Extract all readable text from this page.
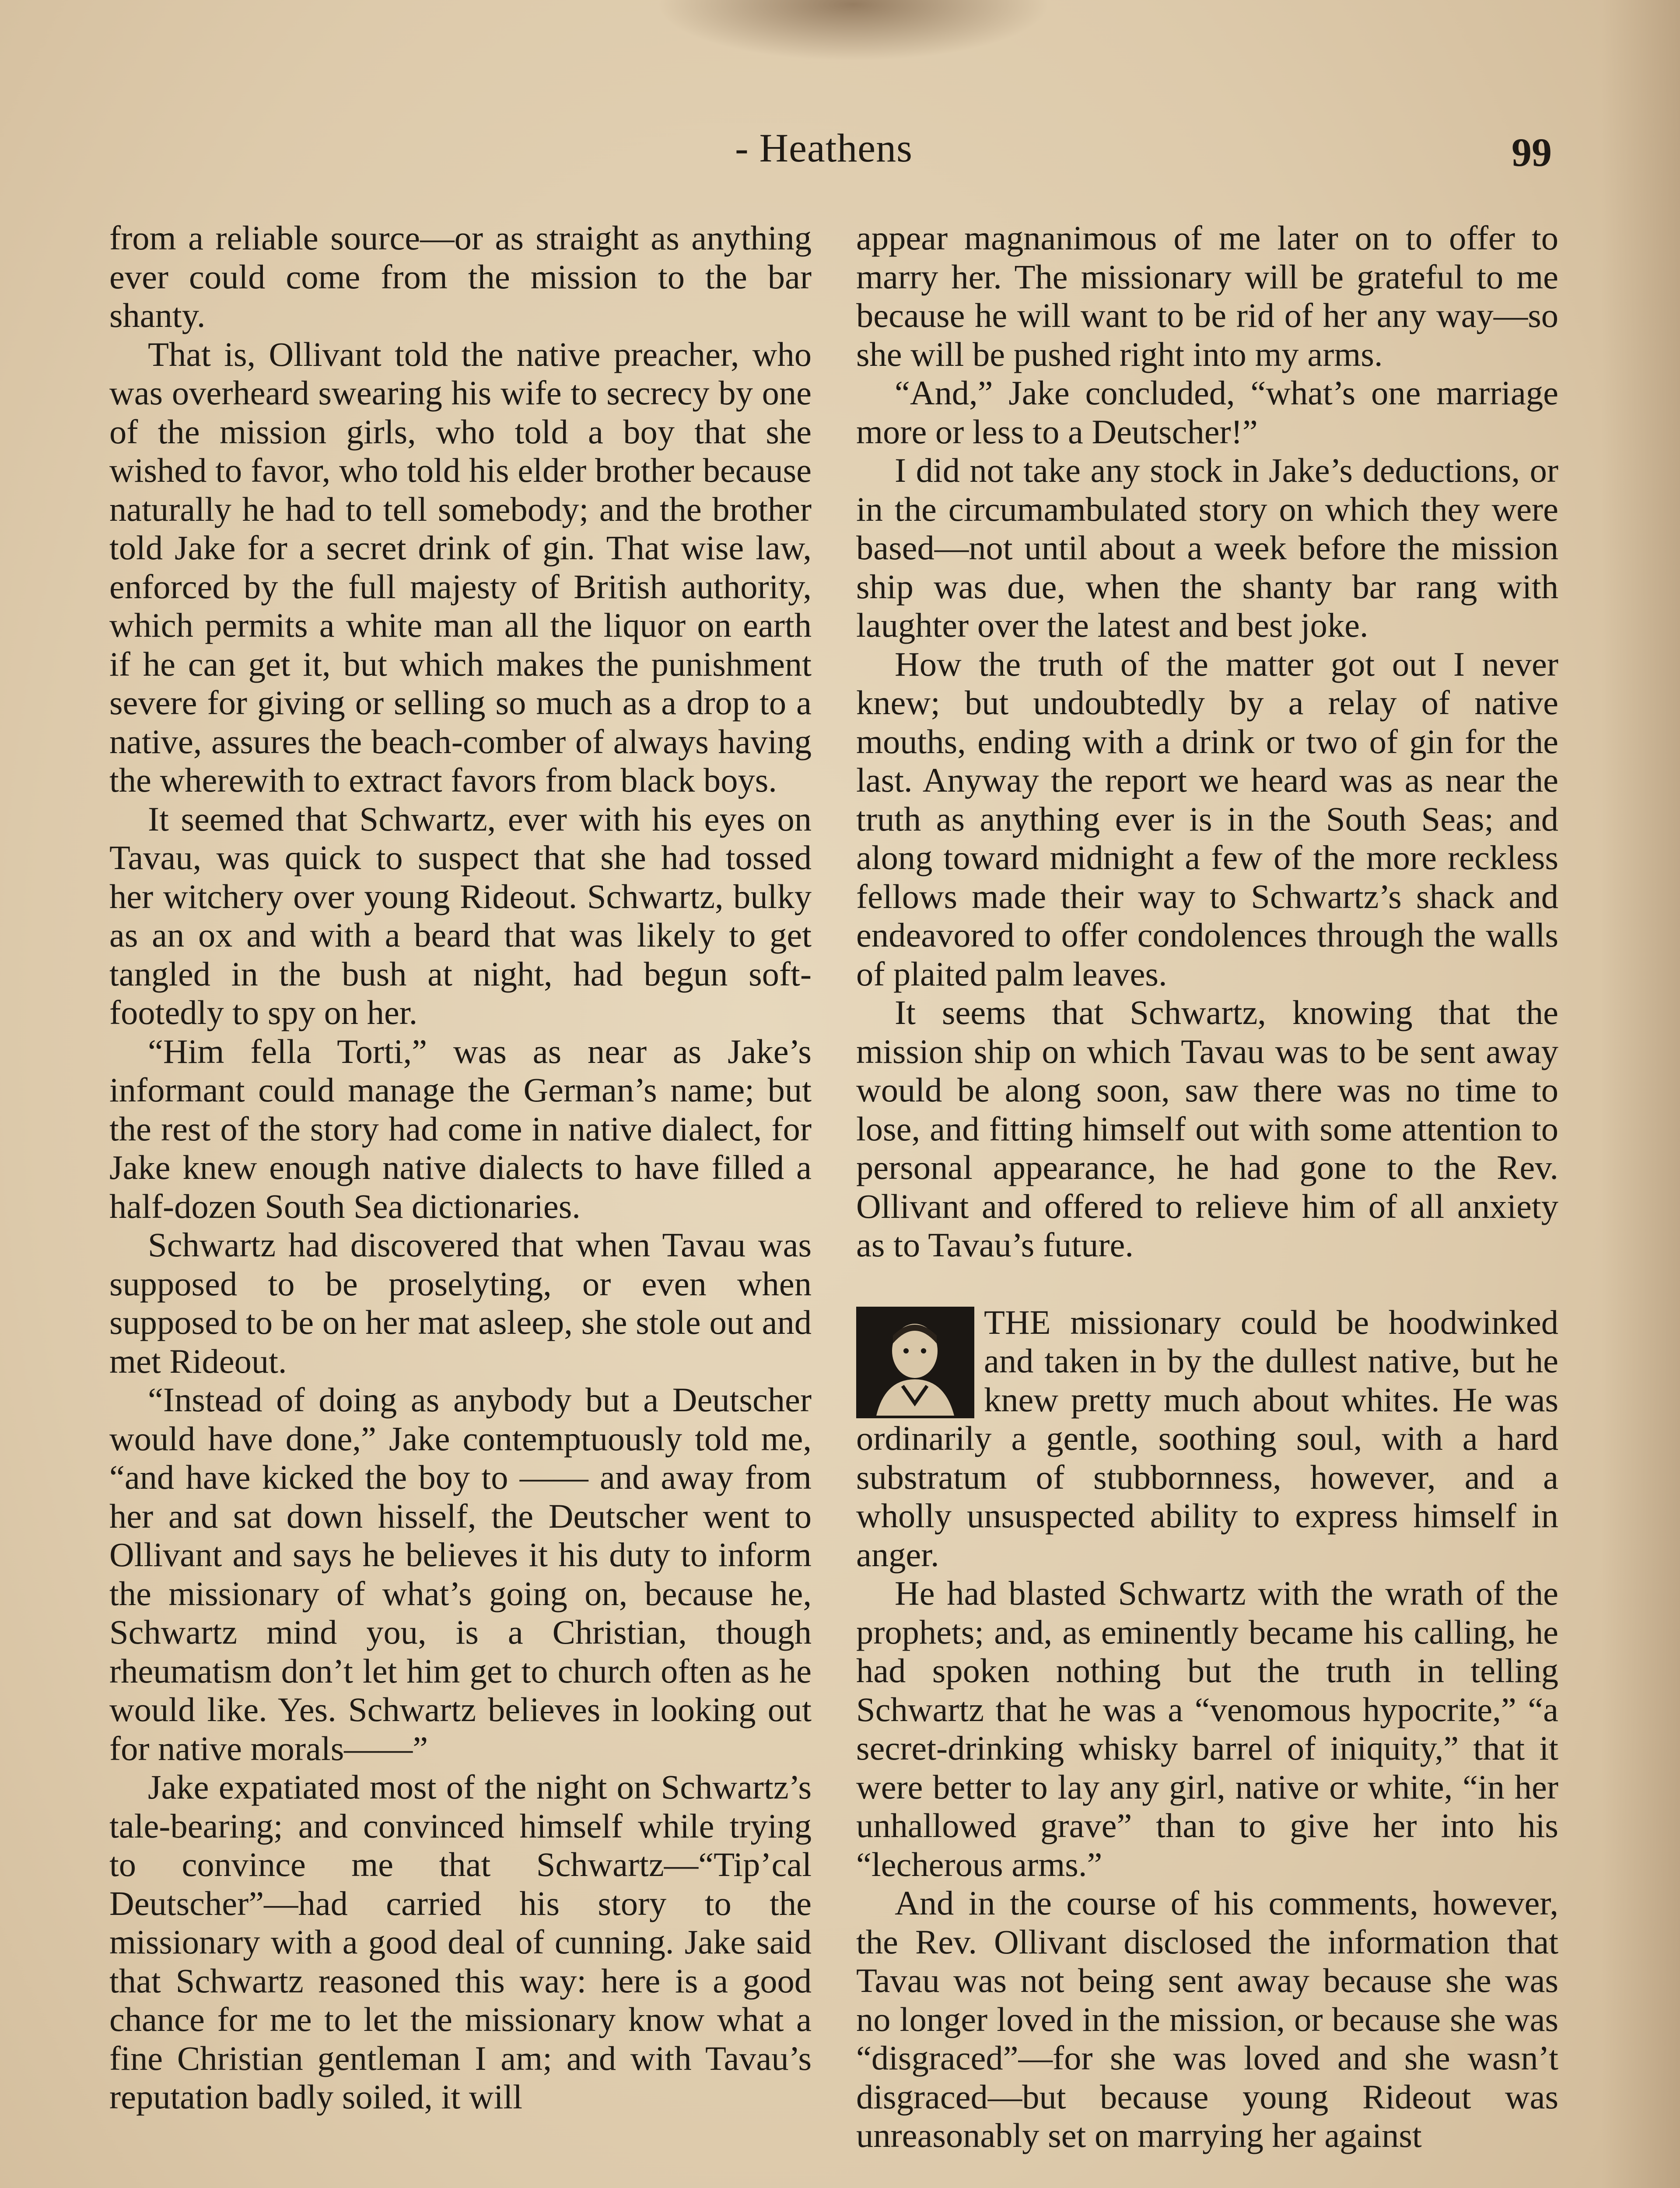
- Heathens	99

from a reliable source—or as straight as anything ever could come from the mission to the bar shanty.

That is, Ollivant told the native preacher, who was overheard swearing his wife to secrecy by one of the mission girls, who told a boy that she wished to favor, who told his elder brother because naturally he had to tell somebody; and the brother told Jake for a secret drink of gin. That wise law, enforced by the full majesty of British authority, which permits a white man all the liquor on earth if he can get it, but which makes the punishment severe for giving or selling so much as a drop to a native, assures the beach-comber of always having the wherewith to extract favors from black boys.

It seemed that Schwartz, ever with his eyes on Tavau, was quick to suspect that she had tossed her witchery over young Rideout. Schwartz, bulky as an ox and with a beard that was likely to get tangled in the bush at night, had begun soft-footedly to spy on her.

“Him fella Torti,” was as near as Jake’s informant could manage the German’s name; but the rest of the story had come in native dialect, for Jake knew enough native dialects to have filled a half-dozen South Sea dictionaries.

Schwartz had discovered that when Tavau was supposed to be proselyting, or even when supposed to be on her mat asleep, she stole out and met Rideout.

“Instead of doing as anybody but a Deutscher would have done,” Jake contemptuously told me, “and have kicked the boy to —— and away from her and sat down hisself, the Deutscher went to Ollivant and says he believes it his duty to inform the missionary of what’s going on, because he, Schwartz mind you, is a Christian, though rheumatism don’t let him get to church often as he would like. Yes. Schwartz believes in looking out for native morals——”

Jake expatiated most of the night on Schwartz’s tale-bearing; and convinced himself while trying to convince me that Schwartz—“Tip’cal Deutscher”—had carried his story to the missionary with a good deal of cunning. Jake said that Schwartz reasoned this way: here is a good chance for me to let the missionary know what a fine Christian gentleman I am; and with Tavau’s reputation badly soiled, it will

appear magnanimous of me later on to offer to marry her. The missionary will be grateful to me because he will want to be rid of her any way—so she will be pushed right into my arms.

“And,” Jake concluded, “what’s one marriage more or less to a Deutscher!”

I did not take any stock in Jake’s deductions, or in the circumambulated story on which they were based—not until about a week before the mission ship was due, when the shanty bar rang with laughter over the latest and best joke.

How the truth of the matter got out I never knew; but undoubtedly by a relay of native mouths, ending with a drink or two of gin for the last. Anyway the report we heard was as near the truth as anything ever is in the South Seas; and along toward midnight a few of the more reckless fellows made their way to Schwartz’s shack and endeavored to offer condolences through the walls of plaited palm leaves.

It seems that Schwartz, knowing that the mission ship on which Tavau was to be sent away would be along soon, saw there was no time to lose, and fitting himself out with some attention to personal appearance, he had gone to the Rev. Ollivant and offered to relieve him of all anxiety as to Tavau’s future.

THE missionary could be hoodwinked and taken in by the dullest native, but he knew pretty much about whites. He was ordinarily a gentle, soothing soul, with a hard substratum of stubbornness, however, and a wholly unsuspected ability to express himself in anger.

He had blasted Schwartz with the wrath of the prophets; and, as eminently became his calling, he had spoken nothing but the truth in telling Schwartz that he was a “venomous hypocrite,” “a secret-drinking whisky barrel of iniquity,” that it were better to lay any girl, native or white, “in her unhallowed grave” than to give her into his “lecherous arms.”

And in the course of his comments, however, the Rev. Ollivant disclosed the information that Tavau was not being sent away because she was no longer loved in the mission, or because she was “disgraced”—for she was loved and she wasn’t disgraced—but because young Rideout was unreasonably set on marrying her against
